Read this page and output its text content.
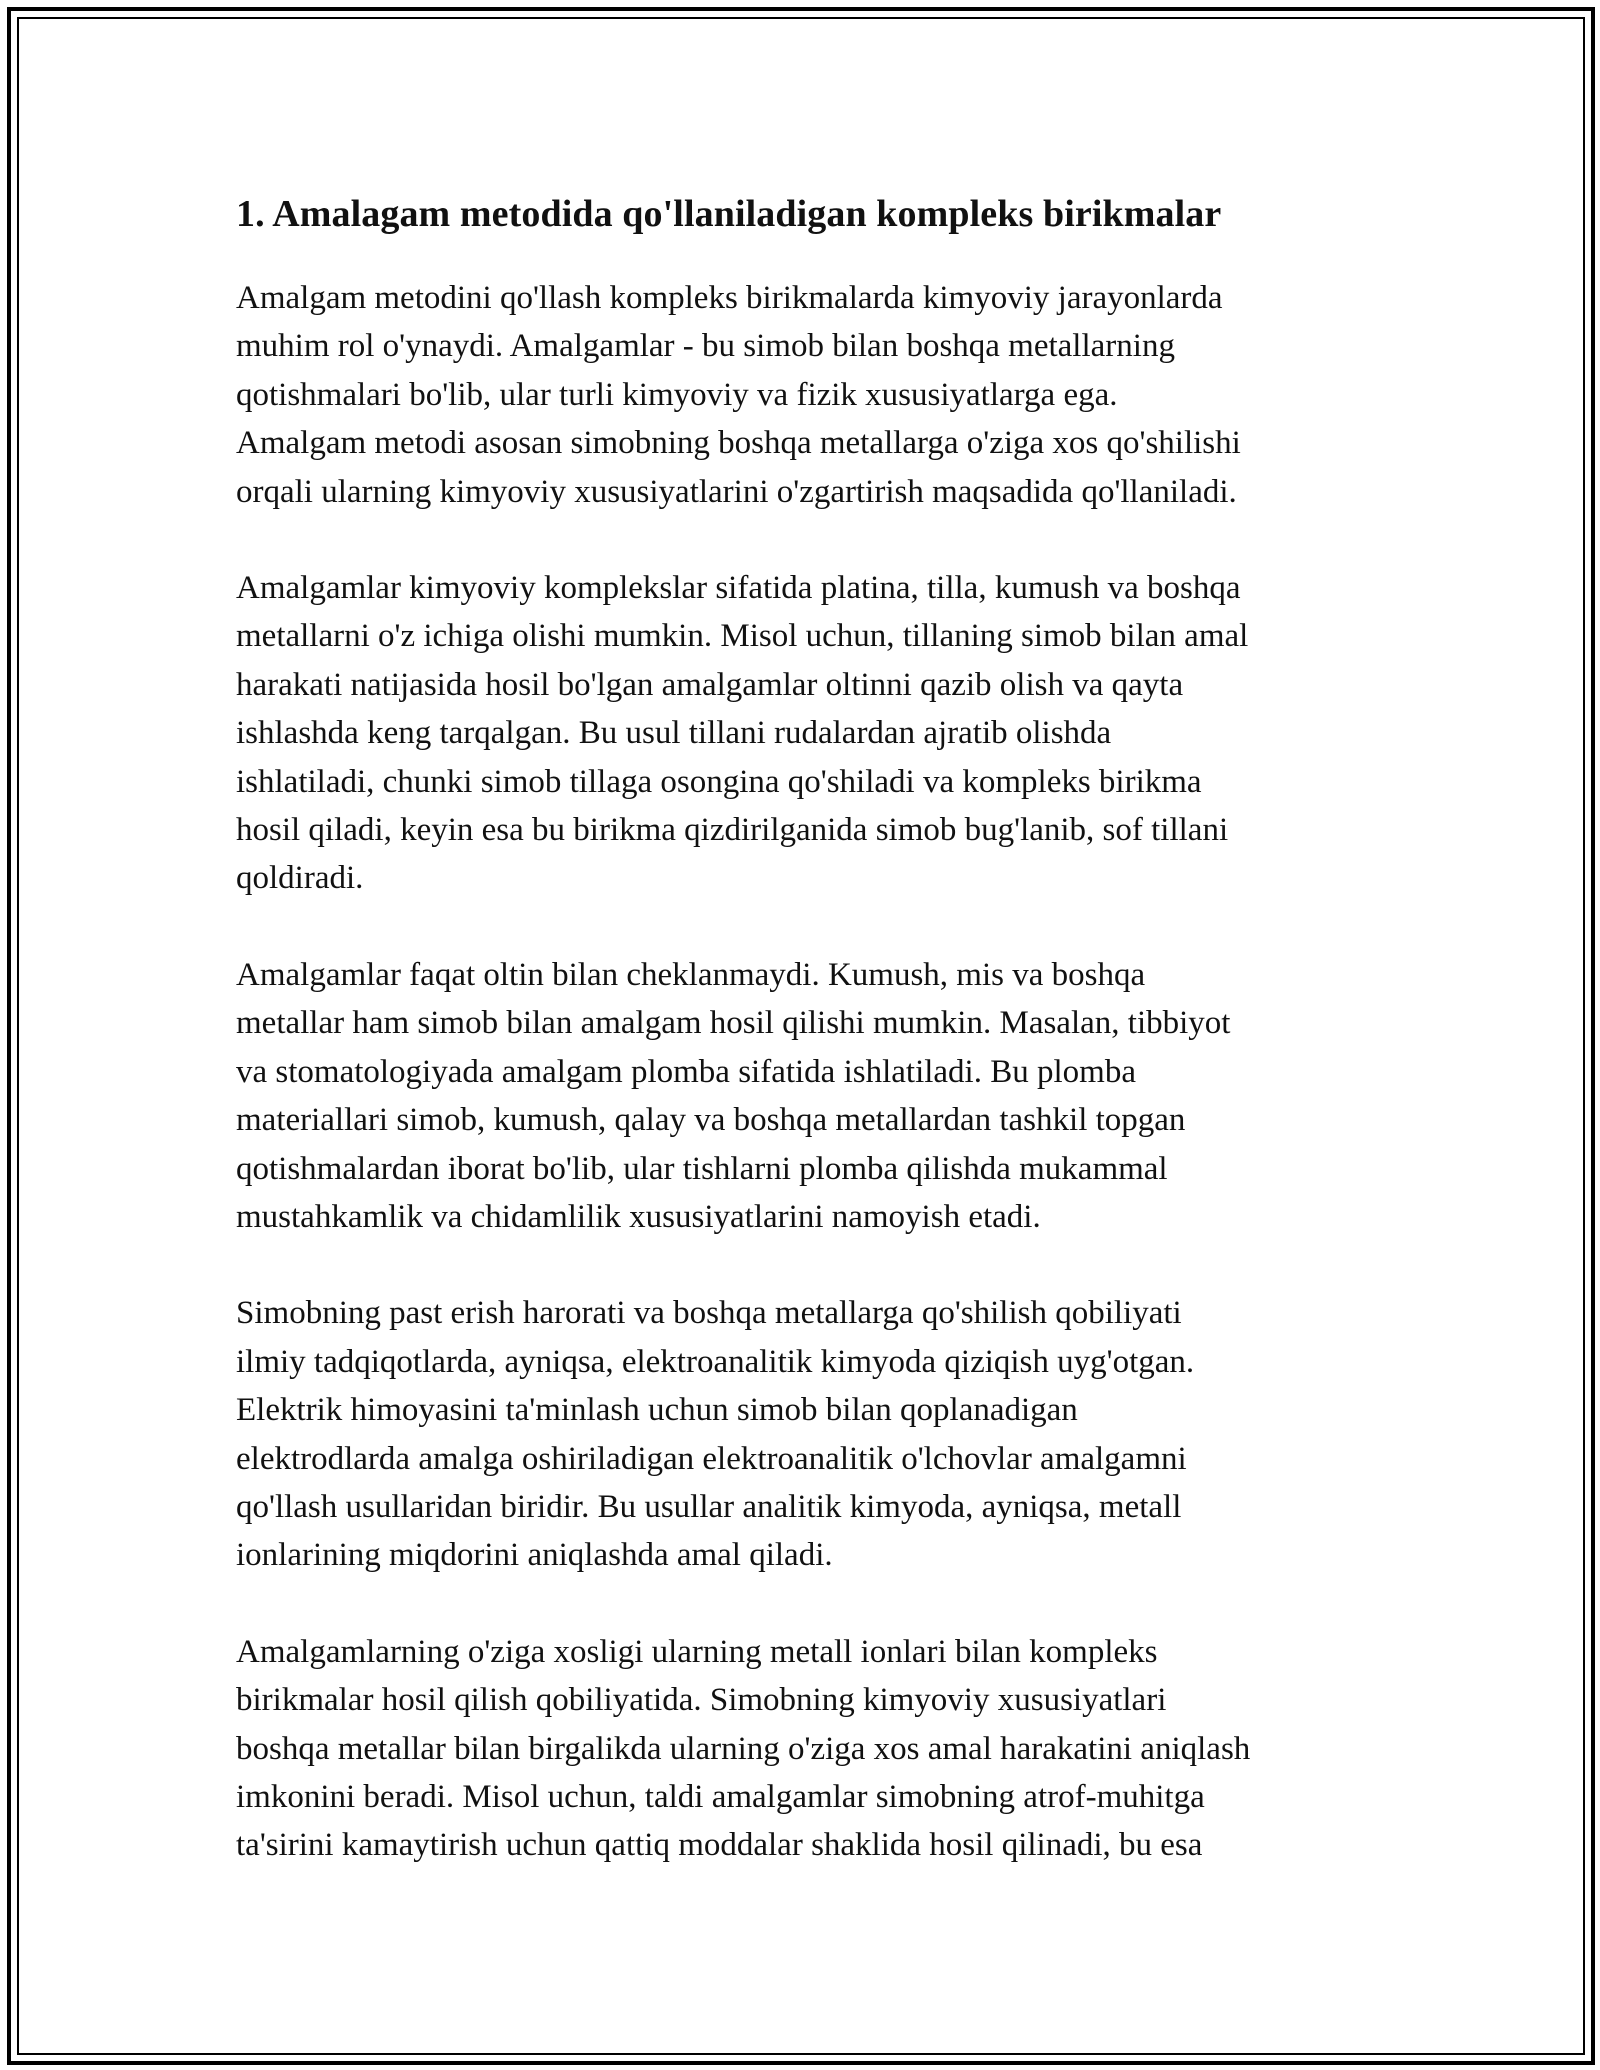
1. Amalagam metodida qo'llaniladigan kompleks birikmalar

Amalgam metodini qo'llash kompleks birikmalarda kimyoviy jarayonlarda
muhim rol o'ynaydi. Amalgamlar - bu simob bilan boshqa metallarning
qotishmalari bo'lib, ular turli kimyoviy va fizik xususiyatlarga ega.
Amalgam metodi asosan simobning boshqa metallarga o'ziga xos qo'shilishi
orqali ularning kimyoviy xususiyatlarini o'zgartirish maqsadida qo'llaniladi.

Amalgamlar kimyoviy komplekslar sifatida platina, tilla, kumush va boshqa
metallarni o'z ichiga olishi mumkin. Misol uchun, tillaning simob bilan amal
harakati natijasida hosil bo'lgan amalgamlar oltinni qazib olish va qayta
ishlashda keng tarqalgan. Bu usul tillani rudalardan ajratib olishda
ishlatiladi, chunki simob tillaga osongina qo'shiladi va kompleks birikma
hosil qiladi, keyin esa bu birikma qizdirilganida simob bug'lanib, sof tillani
qoldiradi.

Amalgamlar faqat oltin bilan cheklanmaydi. Kumush, mis va boshqa
metallar ham simob bilan amalgam hosil qilishi mumkin. Masalan, tibbiyot
va stomatologiyada amalgam plomba sifatida ishlatiladi. Bu plomba
materiallari simob, kumush, qalay va boshqa metallardan tashkil topgan
qotishmalardan iborat bo'lib, ular tishlarni plomba qilishda mukammal
mustahkamlik va chidamlilik xususiyatlarini namoyish etadi.

Simobning past erish harorati va boshqa metallarga qo'shilish qobiliyati
ilmiy tadqiqotlarda, ayniqsa, elektroanalitik kimyoda qiziqish uyg'otgan.
Elektrik himoyasini ta'minlash uchun simob bilan qoplanadigan
elektrodlarda amalga oshiriladigan elektroanalitik o'lchovlar amalgamni
qo'llash usullaridan biridir. Bu usullar analitik kimyoda, ayniqsa, metall
ionlarining miqdorini aniqlashda amal qiladi.

Amalgamlarning o'ziga xosligi ularning metall ionlari bilan kompleks
birikmalar hosil qilish qobiliyatida. Simobning kimyoviy xususiyatlari
boshqa metallar bilan birgalikda ularning o'ziga xos amal harakatini aniqlash
imkonini beradi. Misol uchun, taldi amalgamlar simobning atrof-muhitga
ta'sirini kamaytirish uchun qattiq moddalar shaklida hosil qilinadi, bu esa
